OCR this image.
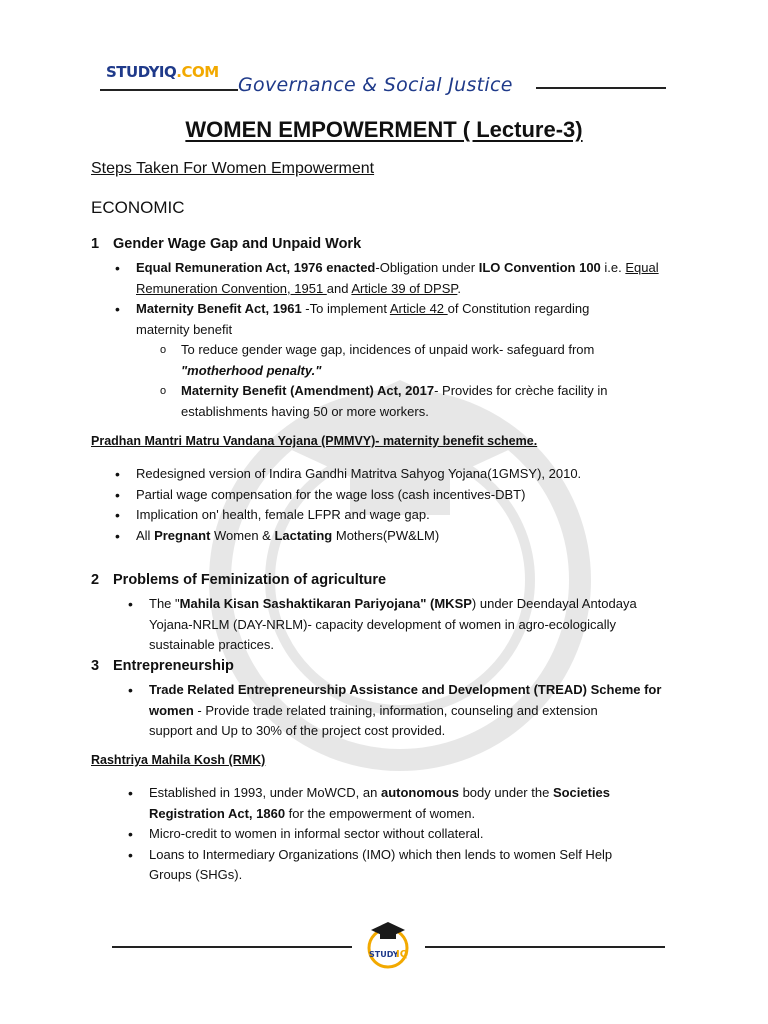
STUDYIQ.COM
Governance & Social Justice
WOMEN EMPOWERMENT ( Lecture-3)
Steps Taken For Women Empowerment
ECONOMIC
1 Gender Wage Gap and Unpaid Work
• Equal Remuneration Act, 1976 enacted-Obligation under ILO Convention 100 i.e. Equal
Remuneration Convention, 1951 and Article 39 of DPSP.
• Maternity Benefit Act, 1961 -To implement Article 42 of Constitution regarding
maternity benefit
o To reduce gender wage gap, incidences of unpaid work- safeguard from
"motherhood penalty."
o Maternity Benefit (Amendment) Act, 2017- Provides for crèche facility in
establishments having 50 or more workers.
Pradhan Mantri Matru Vandana Yojana (PMMVY)- maternity benefit scheme.
• Redesigned version of Indira Gandhi Matritva Sahyog Yojana(1GMSY), 2010.
• Partial wage compensation for the wage loss (cash incentives-DBT)
• Implication on' health, female LFPR and wage gap.
• All Pregnant Women & Lactating Mothers(PW&LM)
2 Problems of Feminization of agriculture
• The "Mahila Kisan Sashaktikaran Pariyojana" (MKSP) under Deendayal Antodaya
Yojana-NRLM (DAY-NRLM)- capacity development of women in agro-ecologically
sustainable practices.
3 Entrepreneurship
• Trade Related Entrepreneurship Assistance and Development (TREAD) Scheme for
women - Provide trade related training, information, counseling and extension
support and Up to 30% of the project cost provided.
Rashtriya Mahila Kosh (RMK)
• Established in 1993, under MoWCD, an autonomous body under the Societies
Registration Act, 1860 for the empowerment of women.
• Micro-credit to women in informal sector without collateral.
• Loans to Intermediary Organizations (IMO) which then lends to women Self Help
Groups (SHGs).
STUDY
IQ
